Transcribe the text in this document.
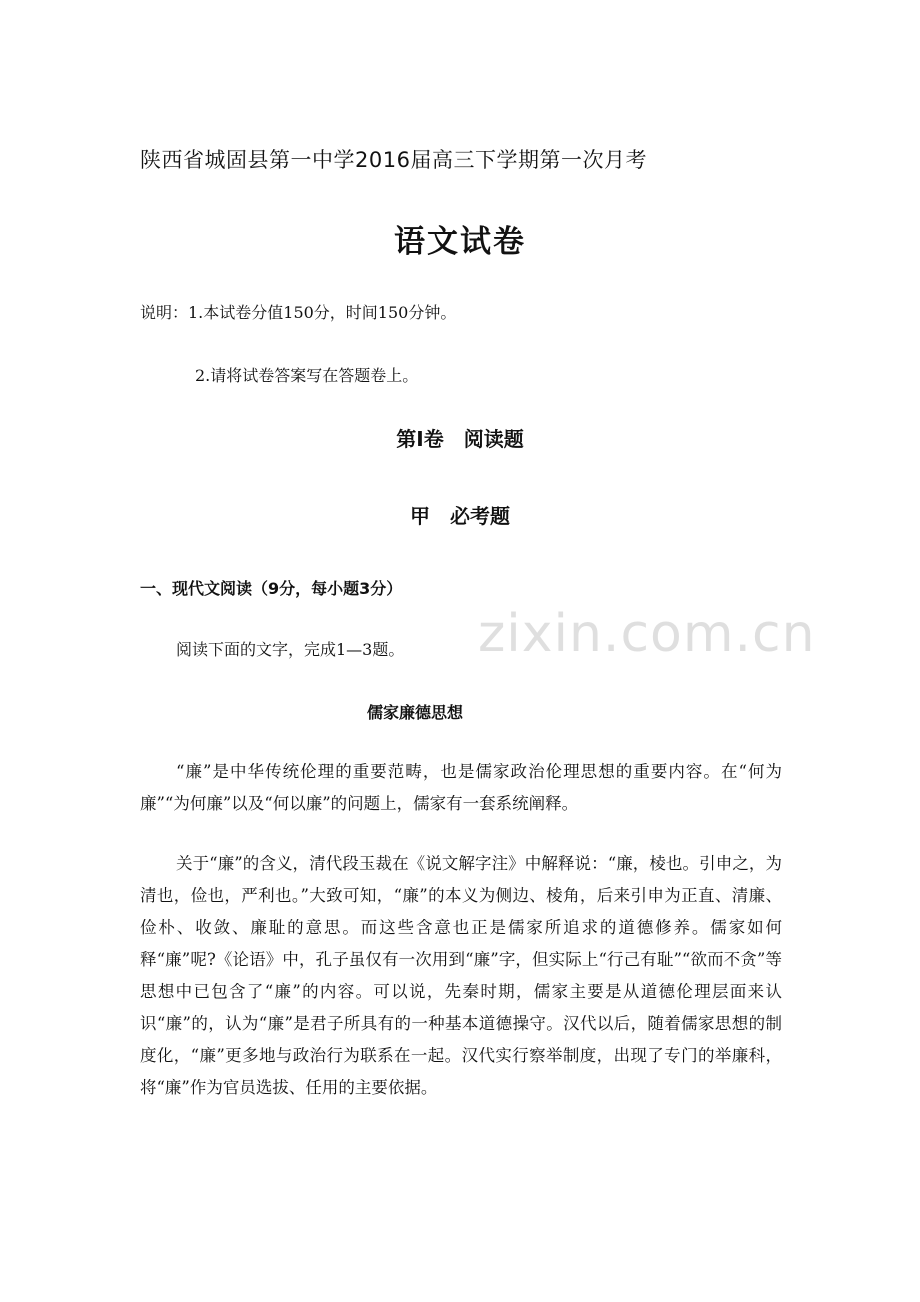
陕西省城固县第一中学2016届高三下学期第一次月考
语文试卷
说明：1.本试卷分值150分，时间150分钟。
2.请将试卷答案写在答题卷上。
第Ⅰ卷　阅读题
甲　必考题
一、现代文阅读（9分，每小题3分）
阅读下面的文字，完成1—3题。
儒家廉德思想

“廉”是中华传统伦理的重要范畴，也是儒家政治伦理思想的重要内容。在“何为廉”“为何廉”以及“何以廉”的问题上，儒家有一套系统阐释。

关于“廉”的含义，清代段玉裁在《说文解字注》中解释说：“廉，棱也。引申之，为清也，俭也，严利也。”大致可知，“廉”的本义为侧边、棱角，后来引申为正直、清廉、俭朴、收敛、廉耻的意思。而这些含意也正是儒家所追求的道德修养。儒家如何释“廉”呢?《论语》中，孔子虽仅有一次用到“廉”字，但实际上“行己有耻”“欲而不贪”等思想中已包含了“廉”的内容。可以说，先秦时期，儒家主要是从道德伦理层面来认识“廉”的，认为“廉”是君子所具有的一种基本道德操守。汉代以后，随着儒家思想的制度化，“廉”更多地与政治行为联系在一起。汉代实行察举制度，出现了专门的举廉科，将“廉”作为官员选拔、任用的主要依据。

zixin.com.cn
